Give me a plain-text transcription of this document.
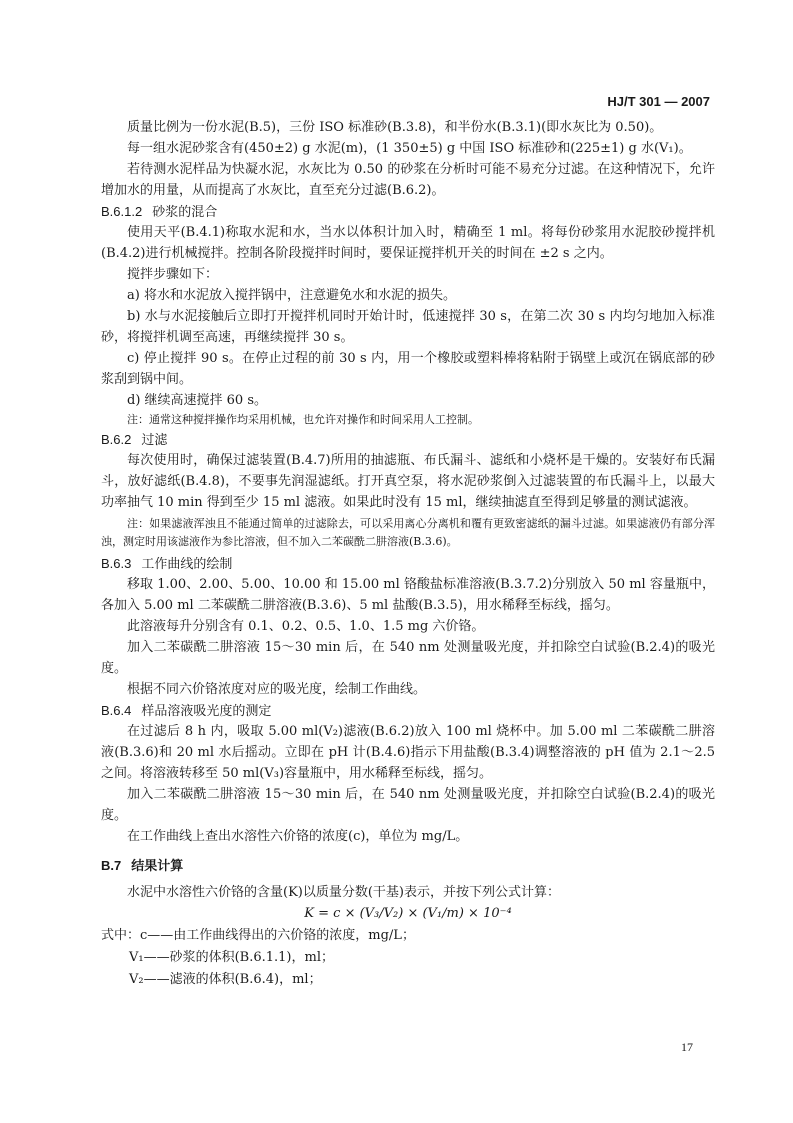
HJ/T 301 — 2007

质量比例为一份水泥(B.5)，三份 ISO 标准砂(B.3.8)，和半份水(B.3.1)(即水灰比为 0.50)。

每一组水泥砂浆含有(450±2) g 水泥(m)，(1 350±5) g 中国 ISO 标准砂和(225±1) g 水(V₁)。

若待测水泥样品为快凝水泥，水灰比为 0.50 的砂浆在分析时可能不易充分过滤。在这种情况下，允许增加水的用量，从而提高了水灰比，直至充分过滤(B.6.2)。

B.6.1.2 砂浆的混合

使用天平(B.4.1)称取水泥和水，当水以体积计加入时，精确至 1 ml。将每份砂浆用水泥胶砂搅拌机(B.4.2)进行机械搅拌。控制各阶段搅拌时间时，要保证搅拌机开关的时间在 ±2 s 之内。

搅拌步骤如下：

a) 将水和水泥放入搅拌锅中，注意避免水和水泥的损失。

b) 水与水泥接触后立即打开搅拌机同时开始计时，低速搅拌 30 s，在第二次 30 s 内均匀地加入标准砂，将搅拌机调至高速，再继续搅拌 30 s。

c) 停止搅拌 90 s。在停止过程的前 30 s 内，用一个橡胶或塑料棒将粘附于锅壁上或沉在锅底部的砂浆刮到锅中间。

d) 继续高速搅拌 60 s。

注：通常这种搅拌操作均采用机械，也允许对操作和时间采用人工控制。

B.6.2 过滤

每次使用时，确保过滤装置(B.4.7)所用的抽滤瓶、布氏漏斗、滤纸和小烧杯是干燥的。安装好布氏漏斗，放好滤纸(B.4.8)，不要事先润湿滤纸。打开真空泵，将水泥砂浆倒入过滤装置的布氏漏斗上，以最大功率抽气 10 min 得到至少 15 ml 滤液。如果此时没有 15 ml，继续抽滤直至得到足够量的测试滤液。

注：如果滤液浑浊且不能通过简单的过滤除去，可以采用离心分离机和覆有更致密滤纸的漏斗过滤。如果滤液仍有部分浑浊，测定时用该滤液作为参比溶液，但不加入二苯碳酰二肼溶液(B.3.6)。

B.6.3 工作曲线的绘制

移取 1.00、2.00、5.00、10.00 和 15.00 ml 铬酸盐标准溶液(B.3.7.2)分别放入 50 ml 容量瓶中，各加入 5.00 ml 二苯碳酰二肼溶液(B.3.6)、5 ml 盐酸(B.3.5)，用水稀释至标线，摇匀。

此溶液每升分别含有 0.1、0.2、0.5、1.0、1.5 mg 六价铬。

加入二苯碳酰二肼溶液 15～30 min 后，在 540 nm 处测量吸光度，并扣除空白试验(B.2.4)的吸光度。

根据不同六价铬浓度对应的吸光度，绘制工作曲线。

B.6.4 样品溶液吸光度的测定

在过滤后 8 h 内，吸取 5.00 ml(V₂)滤液(B.6.2)放入 100 ml 烧杯中。加 5.00 ml 二苯碳酰二肼溶液(B.3.6)和 20 ml 水后摇动。立即在 pH 计(B.4.6)指示下用盐酸(B.3.4)调整溶液的 pH 值为 2.1～2.5 之间。将溶液转移至 50 ml(V₃)容量瓶中，用水稀释至标线，摇匀。

加入二苯碳酰二肼溶液 15～30 min 后，在 540 nm 处测量吸光度，并扣除空白试验(B.2.4)的吸光度。

在工作曲线上查出水溶性六价铬的浓度(c)，单位为 mg/L。

B.7 结果计算

水泥中水溶性六价铬的含量(K)以质量分数(干基)表示，并按下列公式计算：

K = c × (V₃/V₂) × (V₁/m) × 10⁻⁴
式中：c——由工作曲线得出的六价铬的浓度，mg/L；
V₁——砂浆的体积(B.6.1.1)，ml；
V₂——滤液的体积(B.6.4)，ml；
17
